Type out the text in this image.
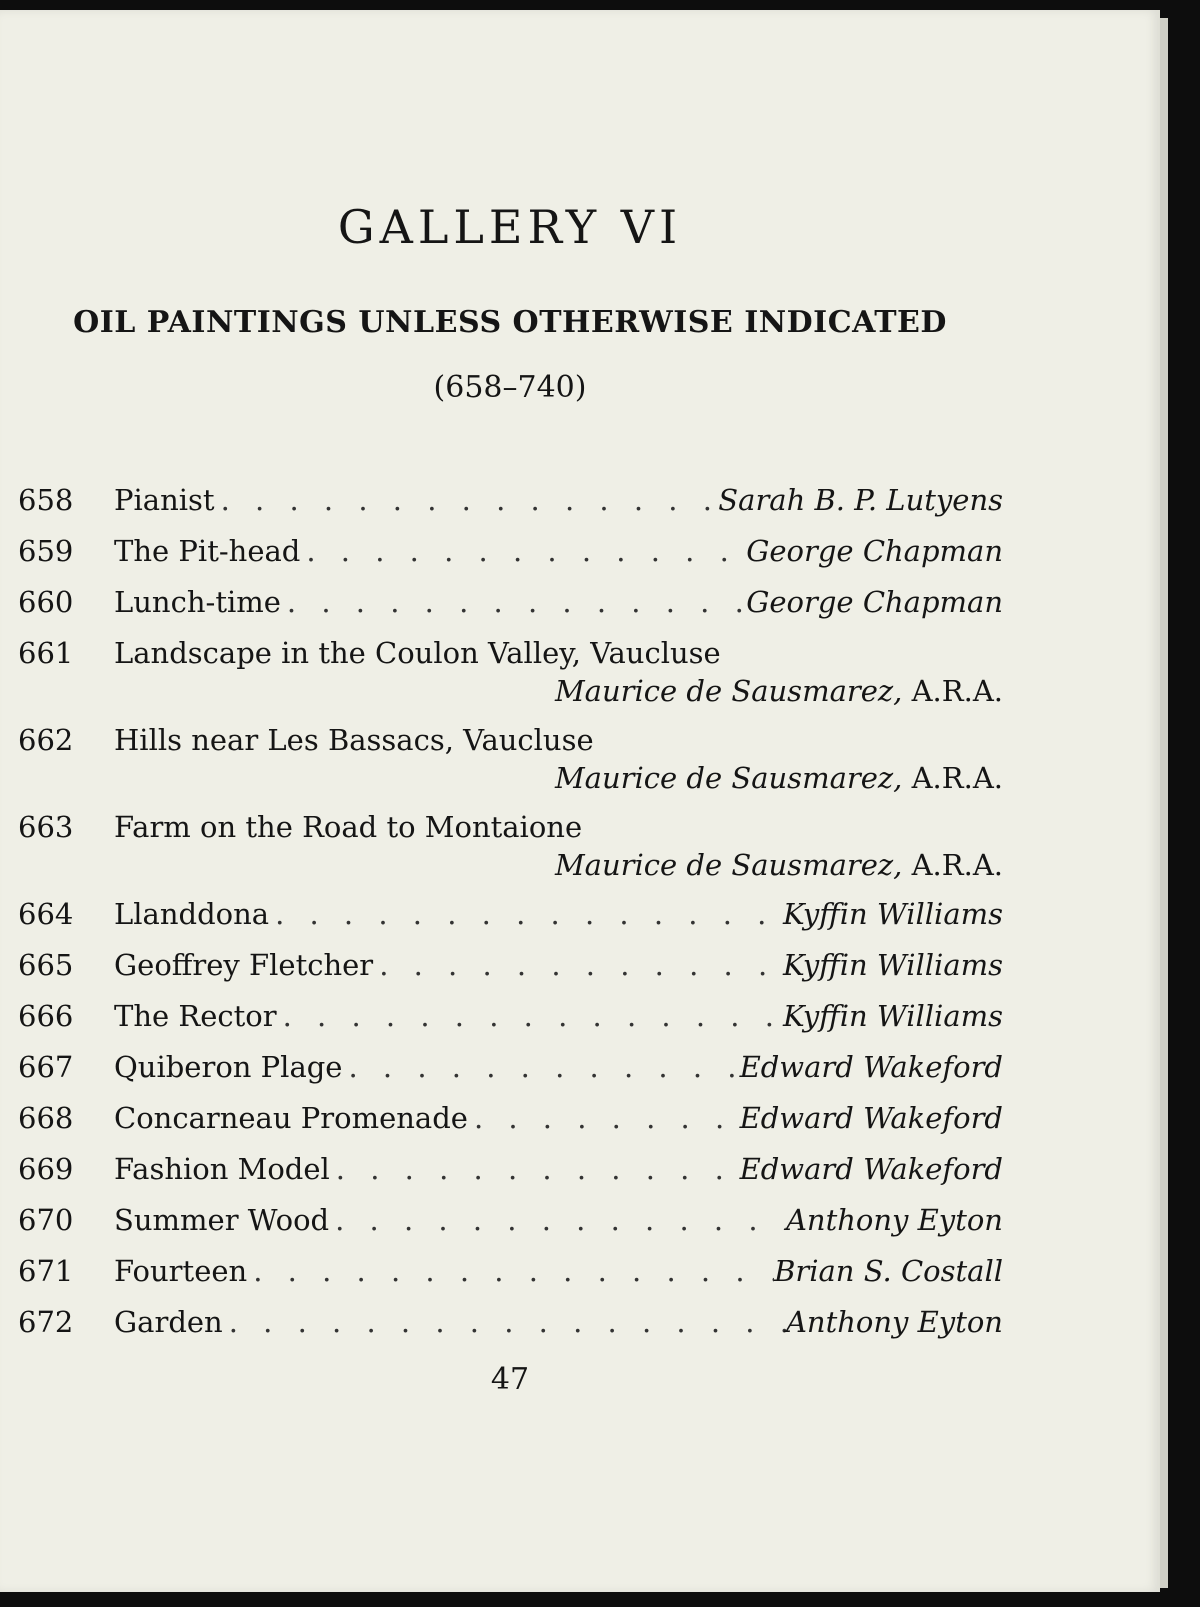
GALLERY VI
OIL PAINTINGS UNLESS OTHERWISE INDICATED

(658–740)

658	Pianist . . .	Sarah B. P. Lutyens
659	The Pit-head . . .	George Chapman
660	Lunch-time . . .	George Chapman
661	Landscape in the Coulon Valley, Vaucluse
Maurice de Sausmarez,
A.R.A.
662	Hills near Les Bassacs, Vaucluse
Maurice de Sausmarez,
A.R.A.
663	Farm on the Road to Montaione
Maurice de Sausmarez,
A.R.A.
664	Llanddona . . .	Kyffin Williams
665	Geoffrey Fletcher . . .	Kyffin Williams
666	The Rector . . .	Kyffin Williams
667	Quiberon Plage . . .	Edward Wakeford
668	Concarneau Promenade . . .	Edward Wakeford
669	Fashion Model . . .	Edward Wakeford
670	Summer Wood . . .	Anthony Eyton
671	Fourteen . . .	Brian S. Costall
672	Garden . . .	Anthony Eyton

47
